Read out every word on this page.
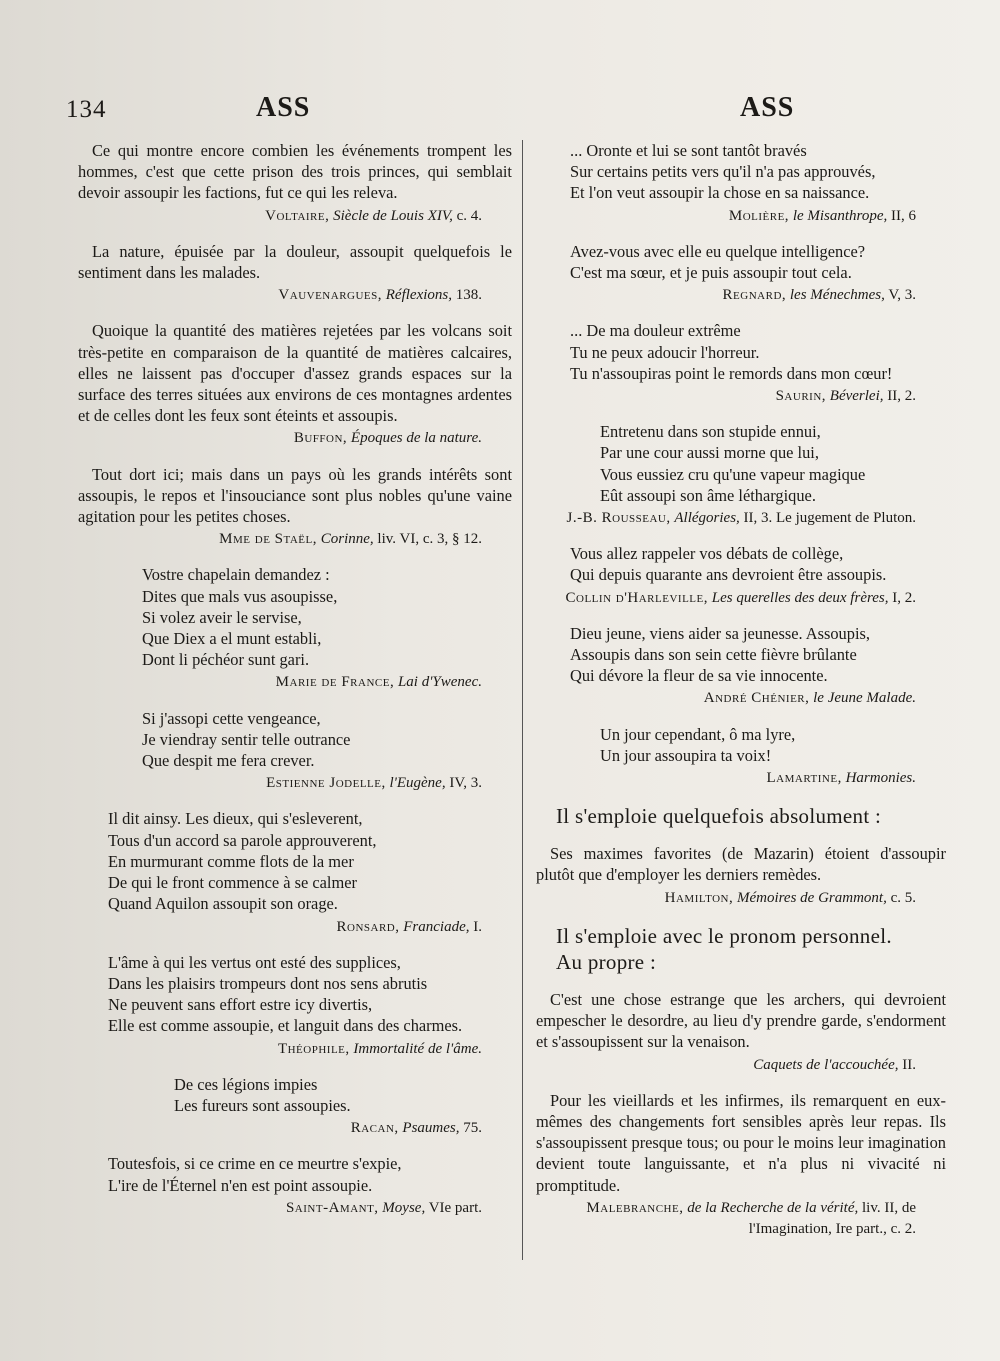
134	ASS	ASS
Ce qui montre encore combien les événements trompent les hommes, c'est que cette prison des trois princes, qui semblait devoir assoupir les factions, fut ce qui les releva.
Voltaire, Siècle de Louis XIV, c. 4.
La nature, épuisée par la douleur, assoupit quelquefois le sentiment dans les malades.
Vauvenargues, Réflexions, 138.
Quoique la quantité des matières rejetées par les volcans soit très-petite en comparaison de la quantité de matières calcaires, elles ne laissent pas d'occuper d'assez grands espaces sur la surface des terres situées aux environs de ces montagnes ardentes et de celles dont les feux sont éteints et assoupis.
Buffon, Époques de la nature.
Tout dort ici; mais dans un pays où les grands intérêts sont assoupis, le repos et l'insouciance sont plus nobles qu'une vaine agitation pour les petites choses.
Mme de Staël, Corinne, liv. VI, c. 3, § 12.
Vostre chapelain demandez :
Dites que mals vus asoupisse,
Si volez aveir le servise,
Que Diex a el munt establi,
Dont li péchéor sunt gari.
Marie de France, Lai d'Ywenec.
Si j'assopi cette vengeance,
Je viendray sentir telle outrance
Que despit me fera crever.
Estienne Jodelle, l'Eugène, IV, 3.
Il dit ainsy. Les dieux, qui s'esleverent,
Tous d'un accord sa parole approuverent,
En murmurant comme flots de la mer
De qui le front commence à se calmer
Quand Aquilon assoupit son orage.
Ronsard, Franciade, I.
L'âme à qui les vertus ont esté des supplices,
Dans les plaisirs trompeurs dont nos sens abrutis
Ne peuvent sans effort estre icy divertis,
Elle est comme assoupie, et languit dans des charmes.
Théophile, Immortalité de l'âme.
De ces légions impies
Les fureurs sont assoupies.
Racan, Psaumes, 75.
Toutesfois, si ce crime en ce meurtre s'expie,
L'ire de l'Éternel n'en est point assoupie.
Saint-Amant, Moyse, VIe part.
... Oronte et lui se sont tantôt bravés
Sur certains petits vers qu'il n'a pas approuvés,
Et l'on veut assoupir la chose en sa naissance.
Molière, le Misanthrope, II, 6
Avez-vous avec elle eu quelque intelligence?
C'est ma sœur, et je puis assoupir tout cela.
Regnard, les Ménechmes, V, 3.
... De ma douleur extrême
Tu ne peux adoucir l'horreur.
Tu n'assoupiras point le remords dans mon cœur!
Saurin, Béverlei, II, 2.
Entretenu dans son stupide ennui,
Par une cour aussi morne que lui,
Vous eussiez cru qu'une vapeur magique
Eût assoupi son âme léthargique.
J.-B. Rousseau, Allégories, II, 3. Le jugement de Pluton.
Vous allez rappeler vos débats de collège,
Qui depuis quarante ans devroient être assoupis.
Collin d'Harleville, Les querelles des deux frères, I, 2.
Dieu jeune, viens aider sa jeunesse. Assoupis,
Assoupis dans son sein cette fièvre brûlante
Qui dévore la fleur de sa vie innocente.
André Chénier, le Jeune Malade.
Un jour cependant, ô ma lyre,
Un jour assoupira ta voix!
Lamartine, Harmonies.
Il s'emploie quelquefois absolument :
Ses maximes favorites (de Mazarin) étoient d'assoupir plutôt que d'employer les derniers remèdes.
Hamilton, Mémoires de Grammont, c. 5.
Il s'emploie avec le pronom personnel.
Au propre :
C'est une chose estrange que les archers, qui devroient empescher le desordre, au lieu d'y prendre garde, s'endorment et s'assoupissent sur la venaison.
Caquets de l'accouchée, II.
Pour les vieillards et les infirmes, ils remarquent en eux-mêmes des changements fort sensibles après leur repas. Ils s'assoupissent presque tous; ou pour le moins leur imagination devient toute languissante, et n'a plus ni vivacité ni promptitude.
Malebranche, de la Recherche de la vérité, liv. II, de l'Imagination, Ire part., c. 2.
